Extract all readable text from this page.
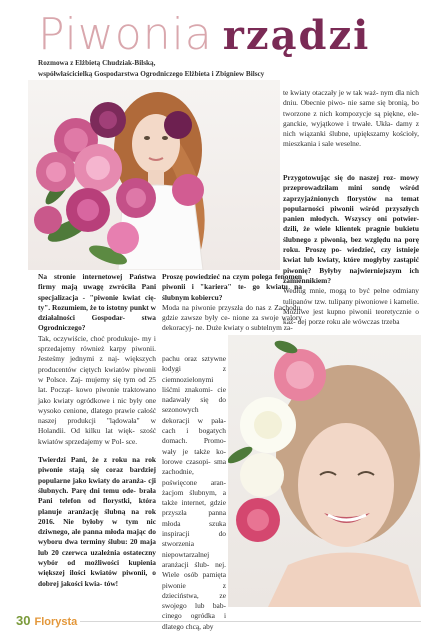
Piwonia rządzi
Rozmowa z Elżbietą Chudziak-Bilską,
współwłaścicielką Gospodarstwa Ogrodniczego Elżbieta i Zbigniew Bilscy

te kwiaty otaczały je w tak waż- nym dla nich dniu. Obecnie piwo- nie same się bronią, bo tworzone z nich kompozycje są piękne, ele- ganckie, wyjątkowe i trwałe. Ukła- damy z nich wiązanki ślubne, upiększamy kościoły, mieszkania i sale weselne.

Przygotowując się do naszej roz- mowy przeprowadziłam mini sondę wśród zaprzyjaźnionych florystów na temat popularności piwonii wśród przyszłych panien młodych. Wszyscy oni potwier- dzili, że wiele klientek pragnie bukietu ślubnego z piwonią, bez względu na porę roku. Proszę po- wiedzieć, czy istnieje kwiat lub kwiaty, które mogłyby zastąpić piwonię? Byłyby najwierniejszym ich zamiennikiem?

Według mnie, mogą to być pełne odmiany tulipanów tzw. tulipany piwoniowe i kamelie. Możliwe jest kupno piwonii teoretycznie o każ- dej porze roku ale wówczas trzeba

Na stronie internetowej Państwa firmy mają uwagę zwróciła Pani specjalizacja - "piwonie kwiat cię- ty". Rozumiem, że to istotny punkt w działalności Gospodar- stwa Ogrodniczego?

Tak, oczywiście, choć produkuje- my i sprzedajemy również karpy piwonii. Jesteśmy jednymi z naj- większych producentów ciętych kwiatów piwonii w Polsce. Zaj- mujemy się tym od 25 lat. Począt- kowo piwonie traktowano jako kwiaty ogródkowe i nic były one wysoko cenione, dlatego prawie całość naszej produkcji "lądowała" w Holandii. Od kilku lat więk- szość kwiatów sprzedajemy w Pol- sce.

Twierdzi Pani, że z roku na rok piwonie stają się coraz bardziej popularne jako kwiaty do aranża- cji ślubnych. Parę dni temu ode- brała Pani telefon od florystki, która planuje aranżację ślubną na rok 2016. Nie byłoby w tym nic dziwnego, ale panna młoda mając do wyboru dwa terminy ślubu: 20 maja lub 20 czerwca uzależnia ostateczny wybór od możliwości kupienia większej ilości kwiatów piwonii, o dobrej jakości kwia- tów!

Proszę powiedzieć na czym polega fenomen piwonii i "kariera" te- go kwiatu na ślubnym kobiercu?

Moda na piwonie przyszła do nas z Zachodu, gdzie zawsze były ce- nione za swoje walory dekoracyj- ne. Duże kwiaty o subtelnym za-

pachu oraz sztywne łodygi z ciemnozielonymi liśćmi znakomi- cie nadawały się do sezonowych dekoracji w pała- cach i bogatych domach. Promo- wały je także ko- lorowe czasopi- sma zachodnie, poświęcone aran- żacjom ślubnym, a także internet, gdzie przyszła panna młoda szuka inspiracji do stworzenia niepowtarzalnej aranżacji ślub- nej. Wiele osób pamięta piwonie z dzieciństwa, ze swojego lub bab- cinego ogródka i dlatego chcą, aby

30 Florysta
